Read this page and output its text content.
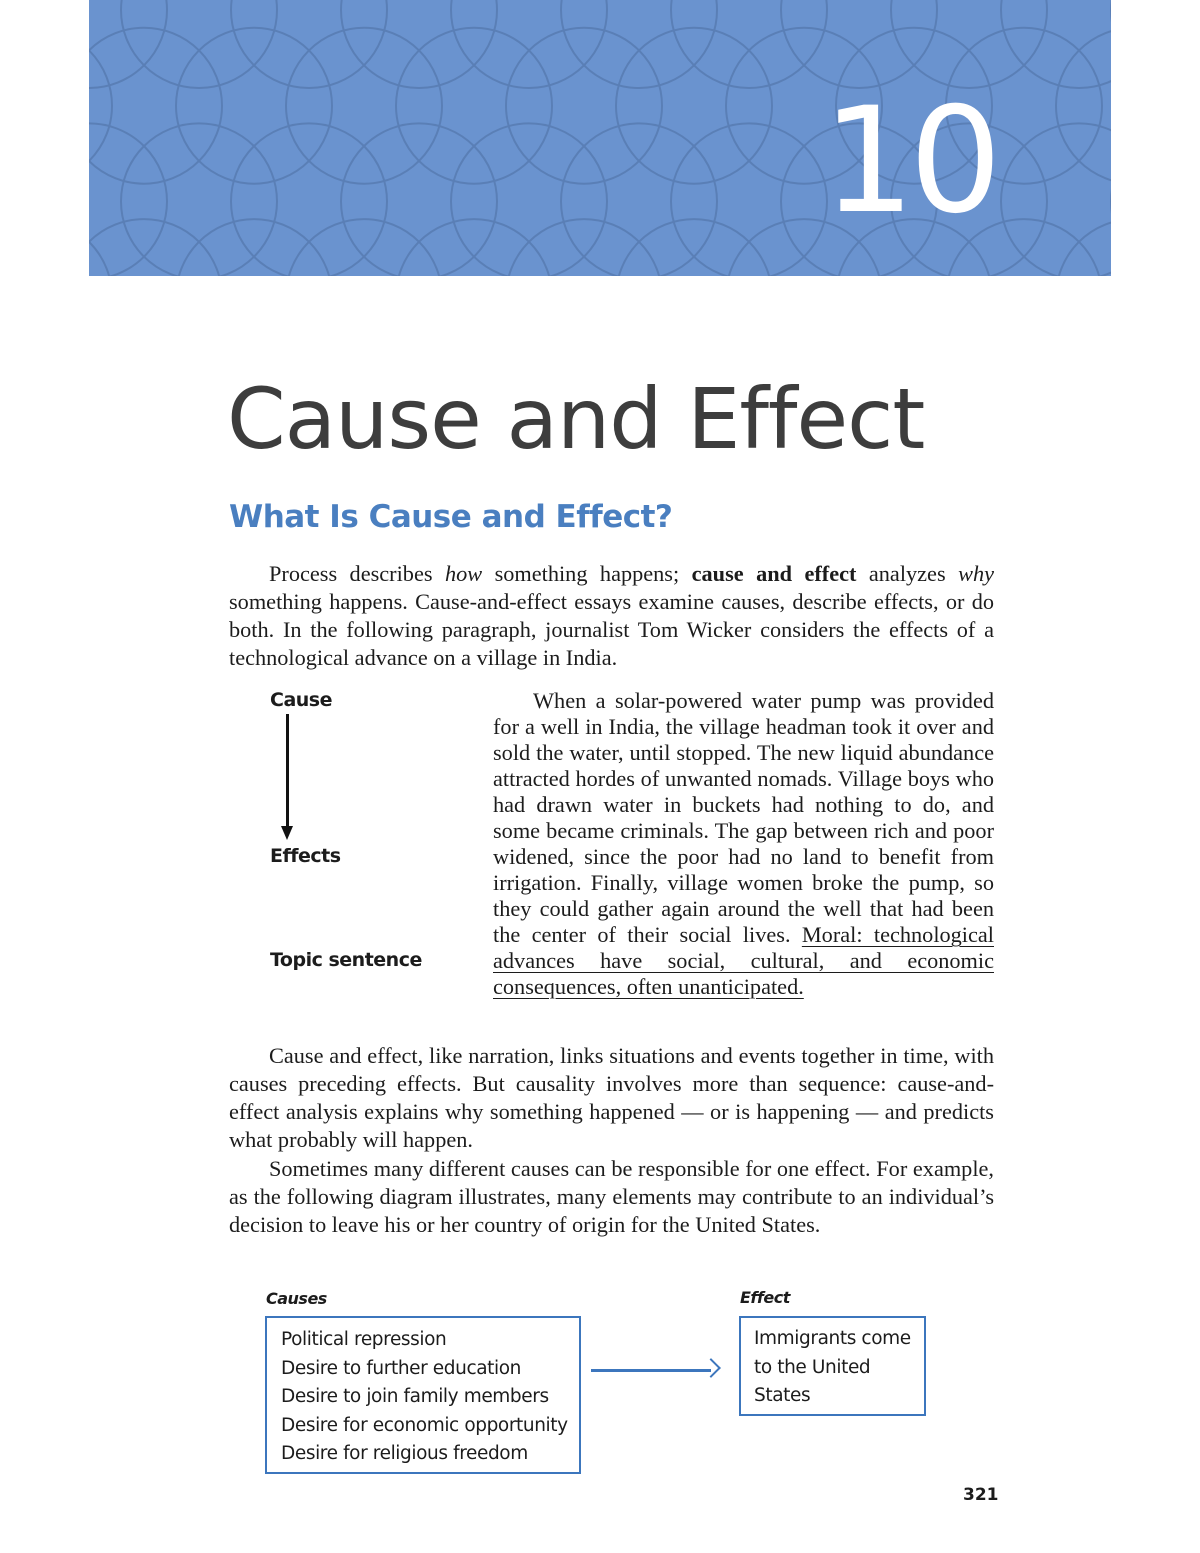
10
Cause and Effect
What Is Cause and Effect?

Process describes how something happens; cause and effect analyzes why something happens. Cause-and-effect essays examine causes, describe effects, or do both. In the following paragraph, journalist Tom Wicker considers the effects of a technological advance on a village in India.

Cause
Effects
Topic sentence

When a solar-powered water pump was provided for a well in India, the village headman took it over and sold the water, until stopped. The new liquid abundance attracted hordes of unwanted nomads. Village boys who had drawn water in buckets had nothing to do, and some became criminals. The gap between rich and poor widened, since the poor had no land to benefit from irrigation. Finally, village women broke the pump, so they could gather again around the well that had been the center of their social lives. Moral: technological advances have social, cultural, and economic consequences, often unanticipated.

Cause and effect, like narration, links situations and events together in time, with causes preceding effects. But causality involves more than sequence: cause-and-effect analysis explains why something happened — or is happening — and predicts what probably will happen.

Sometimes many different causes can be responsible for one effect. For example, as the following diagram illustrates, many elements may contribute to an individual’s decision to leave his or her country of origin for the United States.

Causes	Effect
Political repression
Desire to further education
Desire to join family members
Desire for economic opportunity
Desire for religious freedom
Immigrants come
to the United
States
321
